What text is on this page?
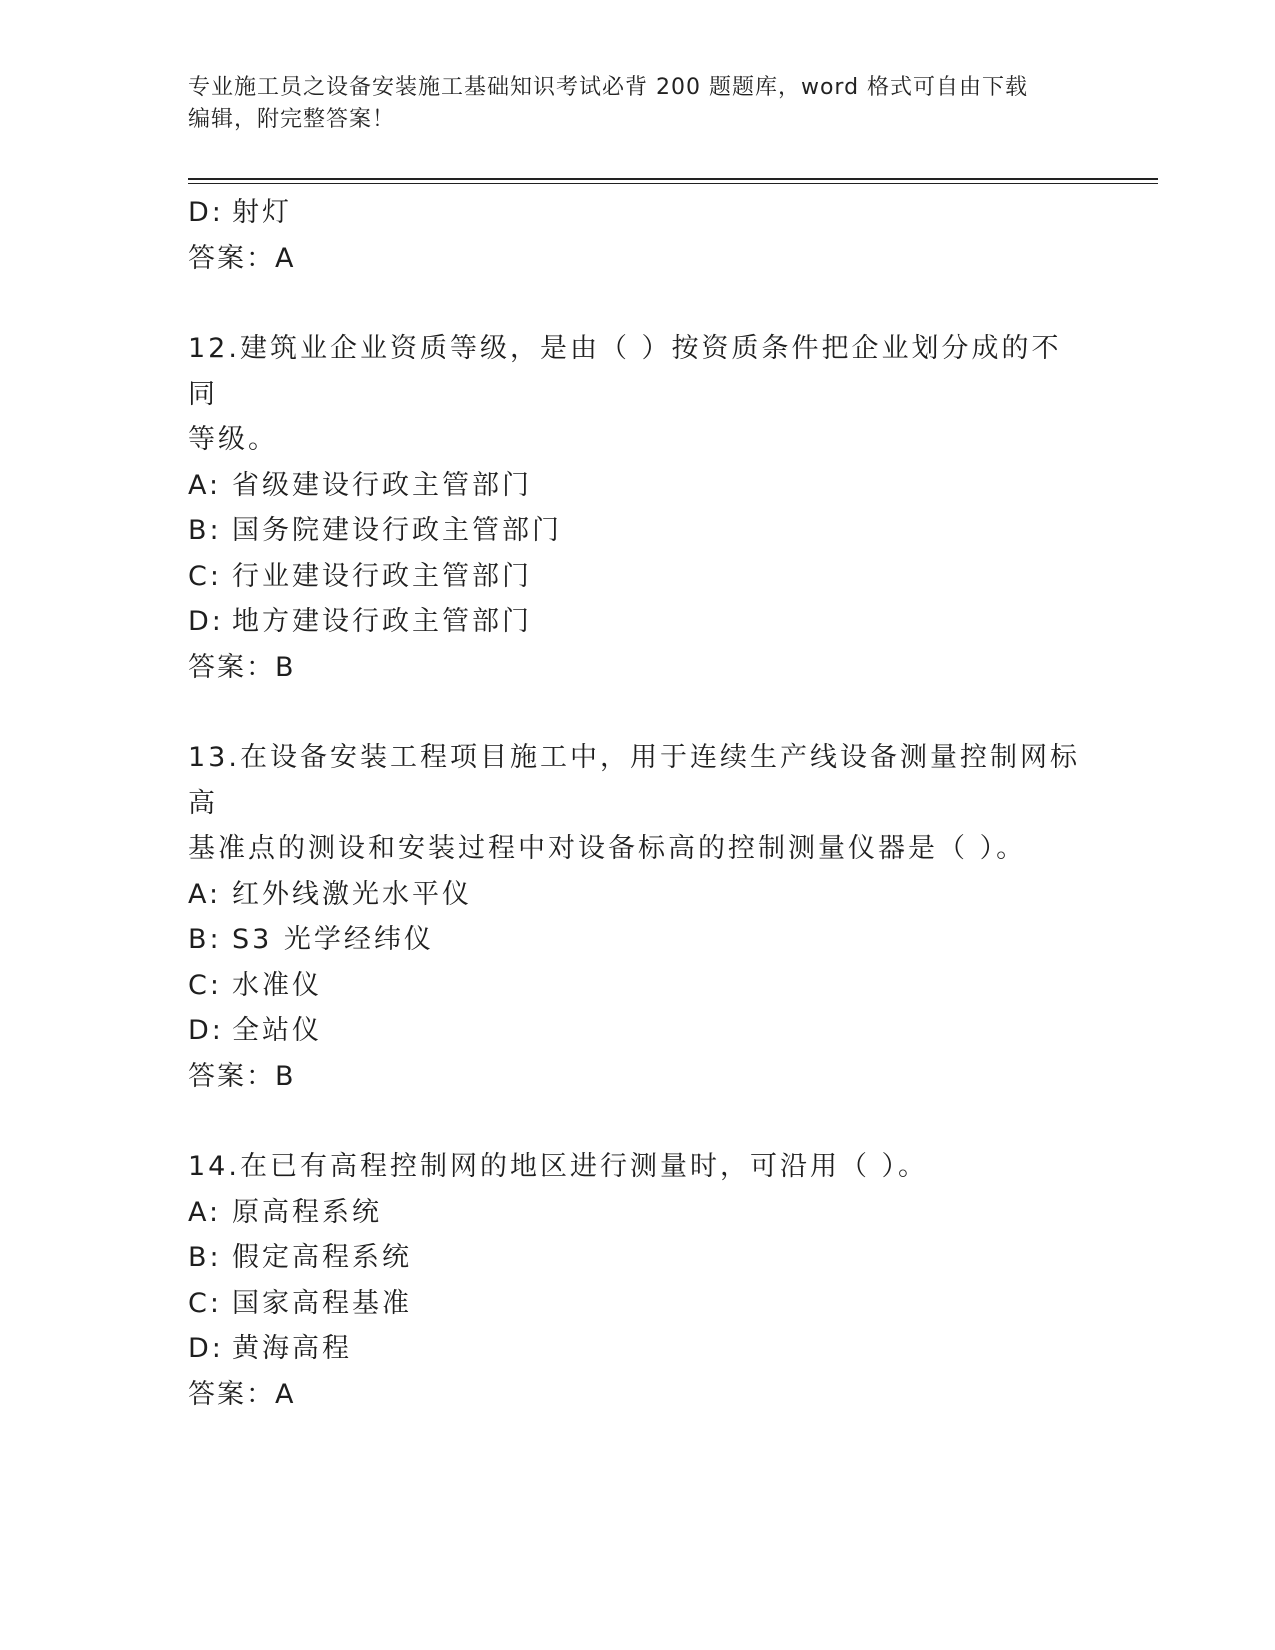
专业施工员之设备安装施工基础知识考试必背 200 题题库，word 格式可自由下载
编辑，附完整答案！
D: 射灯
答案：A
12.建筑业企业资质等级，是由（ ）按资质条件把企业划分成的不同
等级。
A: 省级建设行政主管部门
B: 国务院建设行政主管部门
C: 行业建设行政主管部门
D: 地方建设行政主管部门
答案：B
13.在设备安装工程项目施工中，用于连续生产线设备测量控制网标高
基准点的测设和安装过程中对设备标高的控制测量仪器是（ ）。
A: 红外线激光水平仪
B: S3 光学经纬仪
C: 水准仪
D: 全站仪
答案：B
14.在已有高程控制网的地区进行测量时，可沿用（ ）。
A: 原高程系统
B: 假定高程系统
C: 国家高程基准
D: 黄海高程
答案：A
